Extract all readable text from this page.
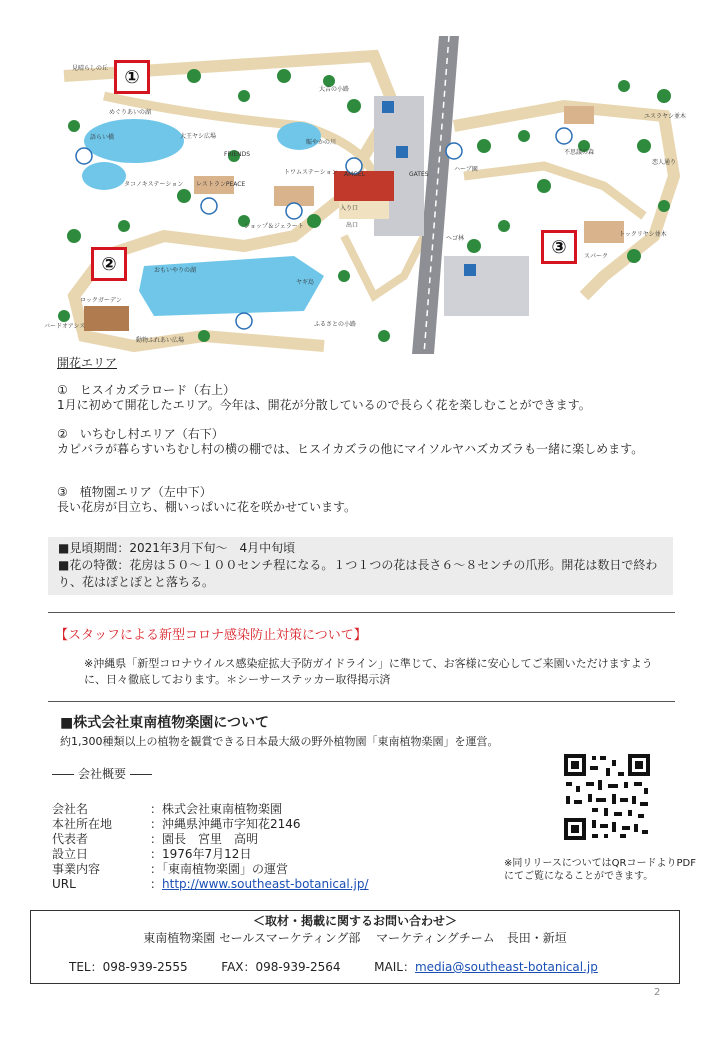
見晴らしの丘
めぐりあいの湖
語らい橋	大王ヤシ広場
FRIENDS
タコノキステーション レストランPEACE
トワムステーション
ショップ＆ジェラート
大吉の小路
賑やかの川
AMGEL	GATES
入り口
出口
ハーブ園
ヘゴ林
おもいやりの湖
ヤギ島
ロックガーデン
バードオアシス
動物ふれあい広場
ふるさとの小路
ユスラヤシ並木
恋人通り
不思議の森
トックリヤシ並木
スパーク
①
②
③
開花エリア
①　ヒスイカズラロード（右上）
1月に初めて開花したエリア。今年は、開花が分散しているので長らく花を楽しむことができます。
②　いちむし村エリア（右下）
カピバラが暮らすいちむし村の横の棚では、ヒスイカズラの他にマイソルヤハズカズラも一緒に楽しめます。
③　植物園エリア（左中下）
長い花房が目立ち、棚いっぱいに花を咲かせています。
■見頃期間：2021年3月下旬～　4月中旬頃
■花の特徴：花房は５０～１００センチ程になる。１つ１つの花は長さ６～８センチの爪形。開花は数日で終わり、花はぽとぽとと落ちる。
【スタッフによる新型コロナ感染防止対策について】
※沖縄県「新型コロナウイルス感染症拡大予防ガイドライン」に準じて、お客様に安心してご来園いただけますように、日々徹底しております。＊シーサーステッカー取得掲示済
■株式会社東南植物楽園について
約1,300種類以上の植物を観賞できる日本最大級の野外植物園「東南植物楽園」を運営。
会社概要
会社名	：株式会社東南植物楽園
本社所在地	：沖縄県沖縄市字知花2146
代表者	：園長　宮里　高明
設立日	：1976年7月12日
事業内容	：「東南植物楽園」の運営
URL	： http://www.southeast-botanical.jp/
※同リリースについてはQRコードよりPDFにてご覧になることができます。
＜取材・掲載に関するお問い合わせ＞
東南植物楽園 セールスマーケティング部　 マーケティングチーム　長田・新垣
TEL：098-939-2555	FAX：098-939-2564	MAIL：media@southeast-botanical.jp
2
